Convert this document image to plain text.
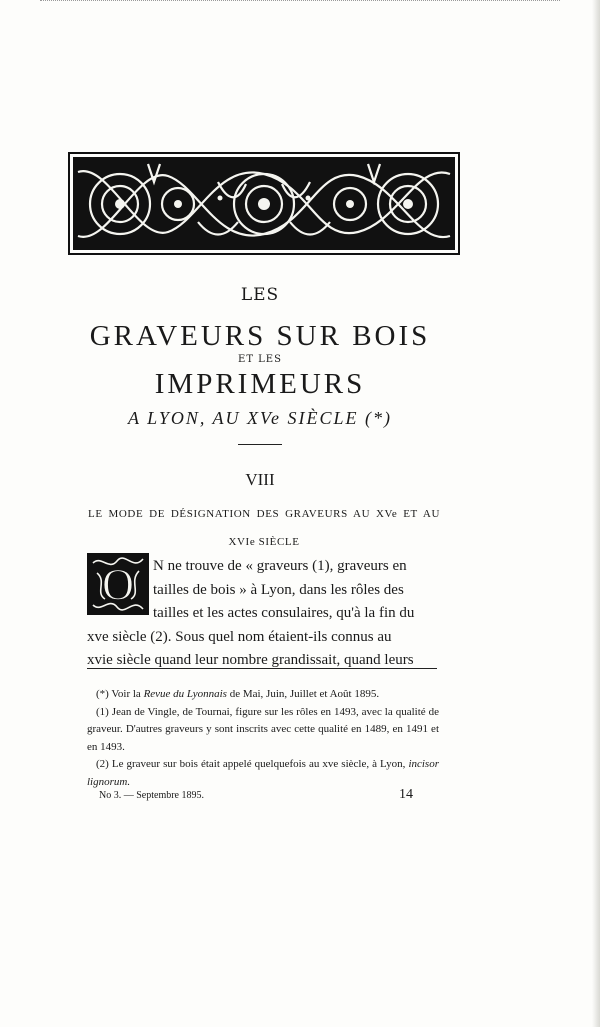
LES
GRAVEURS SUR BOIS
ET LES
IMPRIMEURS
A LYON, AU XVe SIÈCLE (*)
VIII
LE MODE DE DÉSIGNATION DES GRAVEURS AU XVe ET AU XVIe SIÈCLE
O	N ne trouve de « graveurs (1), graveurs en
tailles de bois » à Lyon, dans les rôles des
tailles et les actes consulaires, qu'à la fin du
xve siècle (2). Sous quel nom étaient-ils connus au
xvie siècle quand leur nombre grandissait, quand leurs

(*) Voir la Revue du Lyonnais de Mai, Juin, Juillet et Août 1895.

(1) Jean de Vingle, de Tournai, figure sur les rôles en 1493, avec la qualité de graveur. D'autres graveurs y sont inscrits avec cette qualité en 1489, en 1491 et en 1493.

(2) Le graveur sur bois était appelé quelquefois au xve siècle, à Lyon, incisor lignorum.

No 3. — Septembre 1895.	14
